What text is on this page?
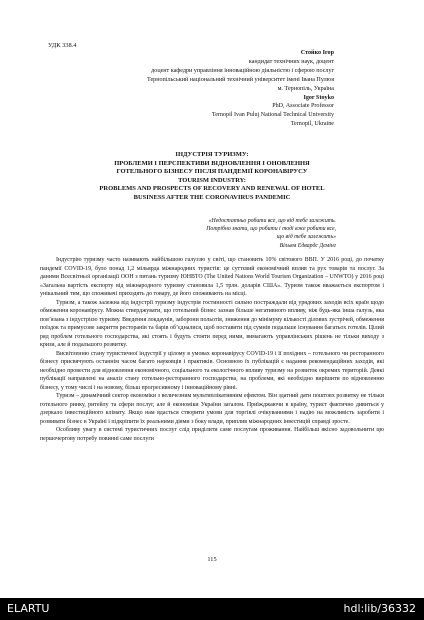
УДК 338.4
Стойко Ігор
кандидат технічних наук, доцент
доцент кафедри управління інноваційною діяльністю і сферою послуг
Тернопільський національний технічний університет імені Івана Пулюя
м. Тернопіль, Україна
Igor Stoyko
PhD, Associate Professor
Ternopil Ivan Puluj National Technical University
Ternopil, Ukraine
ІНДУСТРІЯ ТУРИЗМУ:
ПРОБЛЕМИ І ПЕРСПЕКТИВИ ВІДНОВЛЕННЯ І ОНОВЛЕННЯ
ГОТЕЛЬНОГО БІЗНЕСУ ПІСЛЯ ПАНДЕМІЇ КОРОНАВІРУСУ
TOURISM INDUSTRY:
PROBLEMS AND PROSPECTS OF RECOVERY AND RENEWAL OF HOTEL
BUSINESS AFTER THE CORONAVIRUS PANDEMIC
«Недостатньо робити все, що від тебе залежить.
Потрібно знати, що робити і тоді вже робити все,
що від тебе залежить»
Вільям Едвардс Демінг

Індустрію туризму часто називають найбільшою галуззю у світі, що становить 10% світового ВВП. У 2016 році, до початку пандемії COVID-19, було понад 1,2 мільярда міжнародних туристів: це суттєвий економічний вплив та рух товарів та послуг. За даними Всесвітньої організації ООН з питань туризму ЮНВТО (The United Nations World Tourism Organization – UNWTO) у 2016 році «Загальна вартість експорту від міжнародного туризму становила 1,5 трлн. доларів США». Туризм також вважається експортом і унікальний тим, що споживачі приходять до товару, де його споживають на місці.

Туризм, а також залежна від індустрії туризму індустрія гостинності сильно постраждали від урядових заходів всіх країн щодо обмеження коронавірусу. Можна стверджувати, що готельний бізнес зазнав більше негативного впливу, ніж будь-яка інша галузь, яка пов’язана з індустрією туризму. Введення локдаунів, заборони польотів, зниження до мінімуму кількості ділових зустрічей, обмеження поїздок та примусове закриття ресторанів та барів об’єдналися, щоб поставити під сумнів подальше існування багатьох готелів. Цілий ряд проблем готельного господарства, які стоять і будуть стояти перед ними, вимагають управлінських рішень не тільки виходу з кризи, але й подальшого розвитку.

Висвітленню стану туристичної індустрії у цілому в умовах коронавірусу COVID-19 і її похідних – готельного чи ресторанного бізнесу присвячують останнім часом багато науковців і практиків. Основною їх публікацій є надання рекомендаційних заходів, які необхідно провести для відновлення економічного, соціального та екологічного впливу туризму на розвиток окремих територій. Деякі публікації направлені на аналіз стану готельно-ресторанного господарства, на проблеми, які необхідно вирішити по відновленню бізнесу, у тому числі і на новому, більш прогресивному і інноваційному рівні.

Туризм – динамічний сектор економіки з величезним мультиплікативним ефектом. Він здатний дати поштовх розвитку не тільки готельного ринку, ритейлу та сфери послуг, але й економіки України загалом. Приїжджаючи в країну, турист фактично дивиться у дзеркало інвестиційного клімату. Якщо нам вдасться створити умови для торгівлі очікуваннями і надію на можливість заробити і розвивати бізнес в Україні і підкріпити їх реальними діями з боку влади, приплив міжнародних інвестицій справді зросте.

Особливу увагу в системі туристичних послуг слід приділити саме послугам проживання. Найбільш якісно задовольнити цю першочергову потребу повинні саме послуги

115
ELARTU	hdl:lib/36332
